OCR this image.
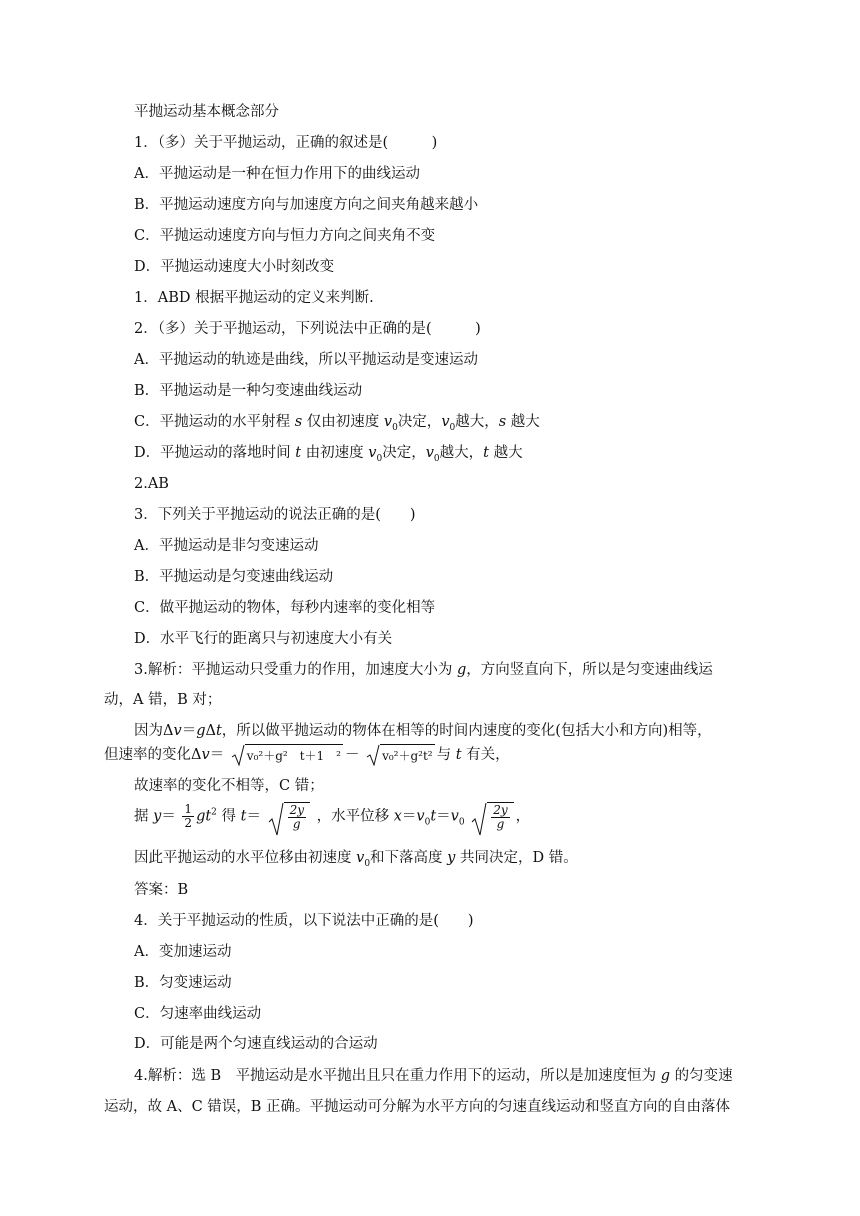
平抛运动基本概念部分
1．（多）关于平抛运动，正确的叙述是(　　　)
A．平抛运动是一种在恒力作用下的曲线运动
B．平抛运动速度方向与加速度方向之间夹角越来越小
C．平抛运动速度方向与恒力方向之间夹角不变
D．平抛运动速度大小时刻改变
1．ABD 根据平抛运动的定义来判断.
2．（多）关于平抛运动，下列说法中正确的是(　　　)
A．平抛运动的轨迹是曲线，所以平抛运动是变速运动
B．平抛运动是一种匀变速曲线运动
C．平抛运动的水平射程 s 仅由初速度 $v_0$决定，$v_0$越大，s 越大
D．平抛运动的落地时间 t 由初速度 $v_0$决定，$v_0$越大，t 越大
2.AB
3．下列关于平抛运动的说法正确的是(　　)
A．平抛运动是非匀变速运动
B．平抛运动是匀变速曲线运动
C．做平抛运动的物体，每秒内速率的变化相等
D．水平飞行的距离只与初速度大小有关
3.解析：平抛运动只受重力的作用，加速度大小为 g，方向竖直向下，所以是匀变速曲线运
动，A 错，B 对；
因为Δv＝gΔt，所以做平抛运动的物体在相等的时间内速度的变化(包括大小和方向)相等，
但速率的变化Δv＝ v₀²＋g²　t＋1　² － v₀²＋g²t² 与 t 有关，
故速率的变化不相等，C 错；
据 $y= \frac{1}{2} gt^2$ 得 $t= \frac{2y}{g}$ ，水平位移 $x=v_0t=v_0 \frac{2y}{g}$ ，
因此平抛运动的水平位移由初速度 $v_0$和下落高度 y 共同决定，D 错。
答案：B
4．关于平抛运动的性质，以下说法中正确的是(　　)
A．变加速运动
B．匀变速运动
C．匀速率曲线运动
D．可能是两个匀速直线运动的合运动
4.解析：选 B　平抛运动是水平抛出且只在重力作用下的运动，所以是加速度恒为 g 的匀变速
运动，故 A、C 错误，B 正确。平抛运动可分解为水平方向的匀速直线运动和竖直方向的自由落体
